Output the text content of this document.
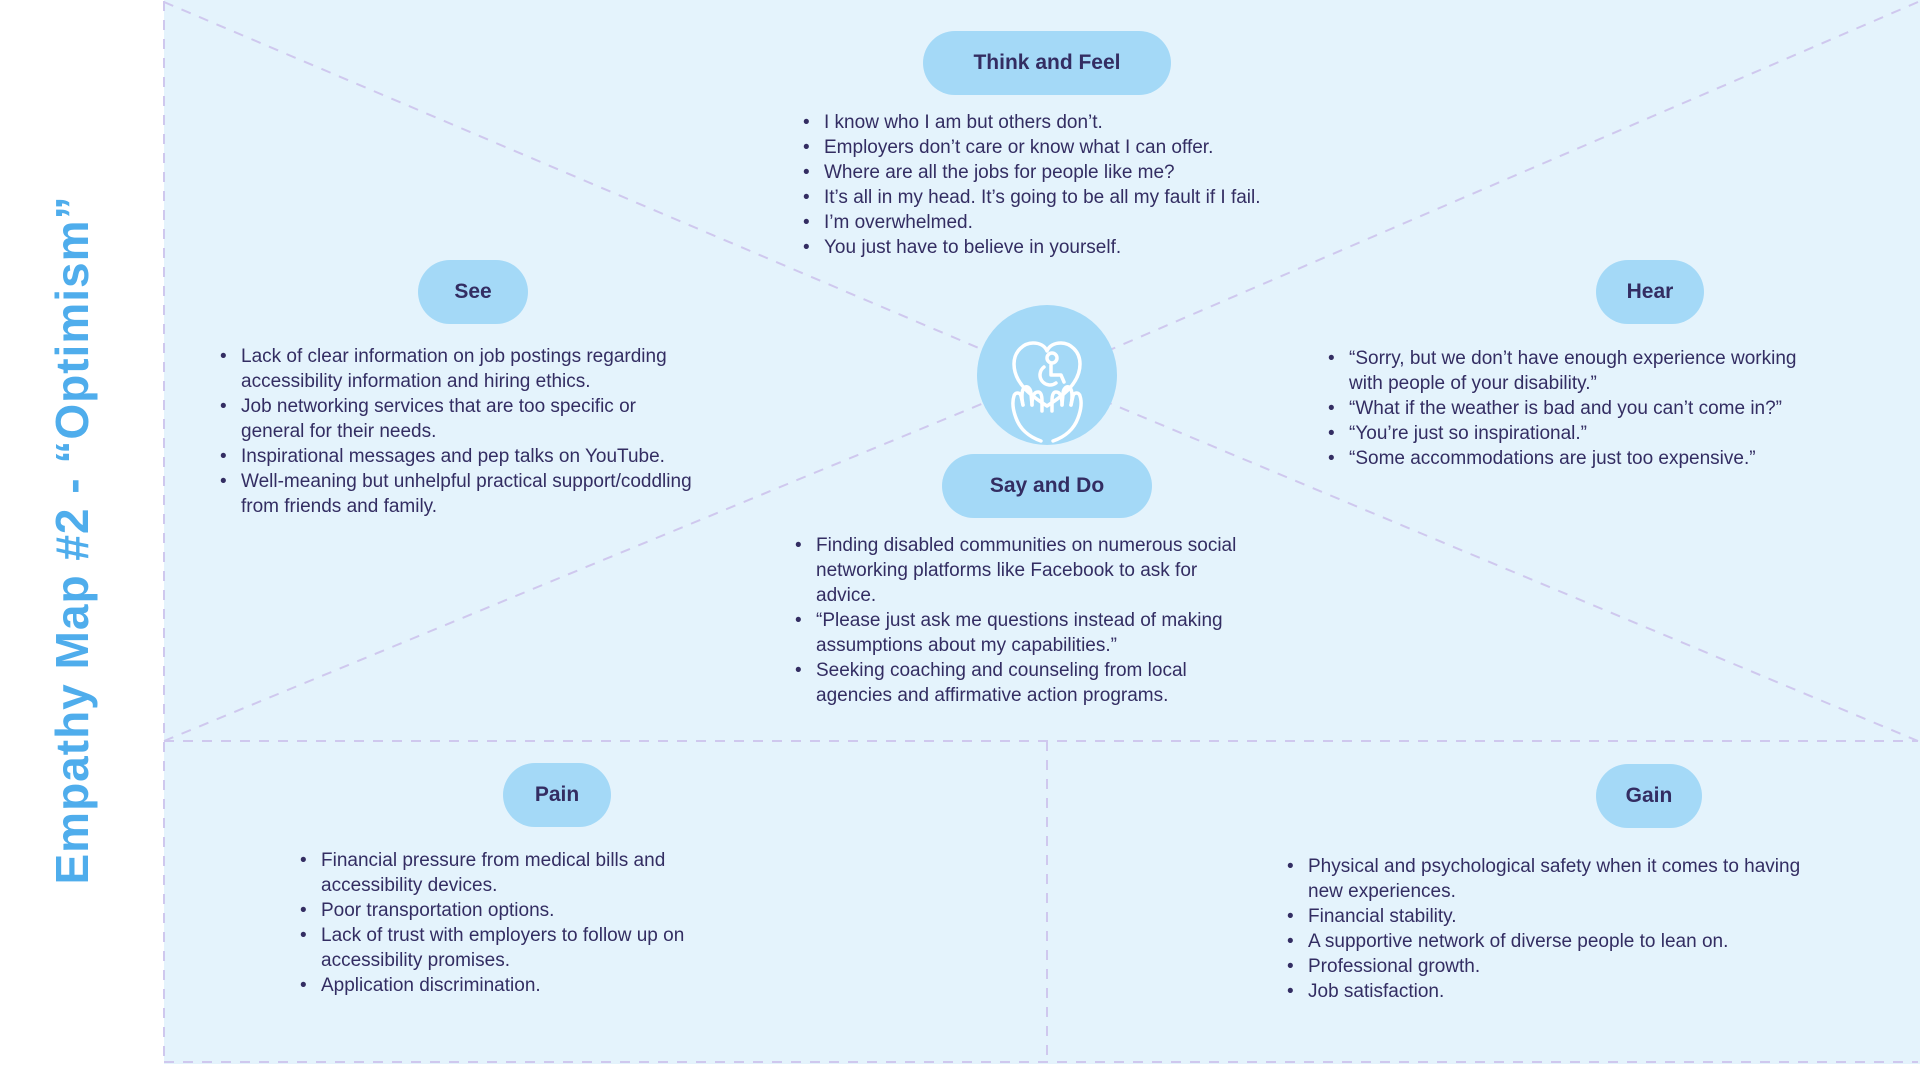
Empathy Map #2 - “Optimism”
Think and Feel
See	Hear
Say and Do
Pain	Gain
• I know who I am but others don’t.
• Employers don’t care or know what I can offer.
• Where are all the jobs for people like me?
• It’s all in my head. It’s going to be all my fault if I fail.
• I’m overwhelmed.
• You just have to believe in yourself.
• Lack of clear information on job postings regarding accessibility information and hiring ethics.
• Job networking services that are too specific or general for their needs.
• Inspirational messages and pep talks on YouTube.
• Well-meaning but unhelpful practical support/coddling from friends and family.
• “Sorry, but we don’t have enough experience working with people of your disability.”
• “What if the weather is bad and you can’t come in?”
• “You’re just so inspirational.”
• “Some accommodations are just too expensive.”
• Finding disabled communities on numerous social networking platforms like Facebook to ask for advice.
• “Please just ask me questions instead of making assumptions about my capabilities.”
• Seeking coaching and counseling from local agencies and affirmative action programs.
• Financial pressure from medical bills and accessibility devices.
• Poor transportation options.
• Lack of trust with employers to follow up on accessibility promises.
• Application discrimination.
• Physical and psychological safety when it comes to having new experiences.
• Financial stability.
• A supportive network of diverse people to lean on.
• Professional growth.
• Job satisfaction.
